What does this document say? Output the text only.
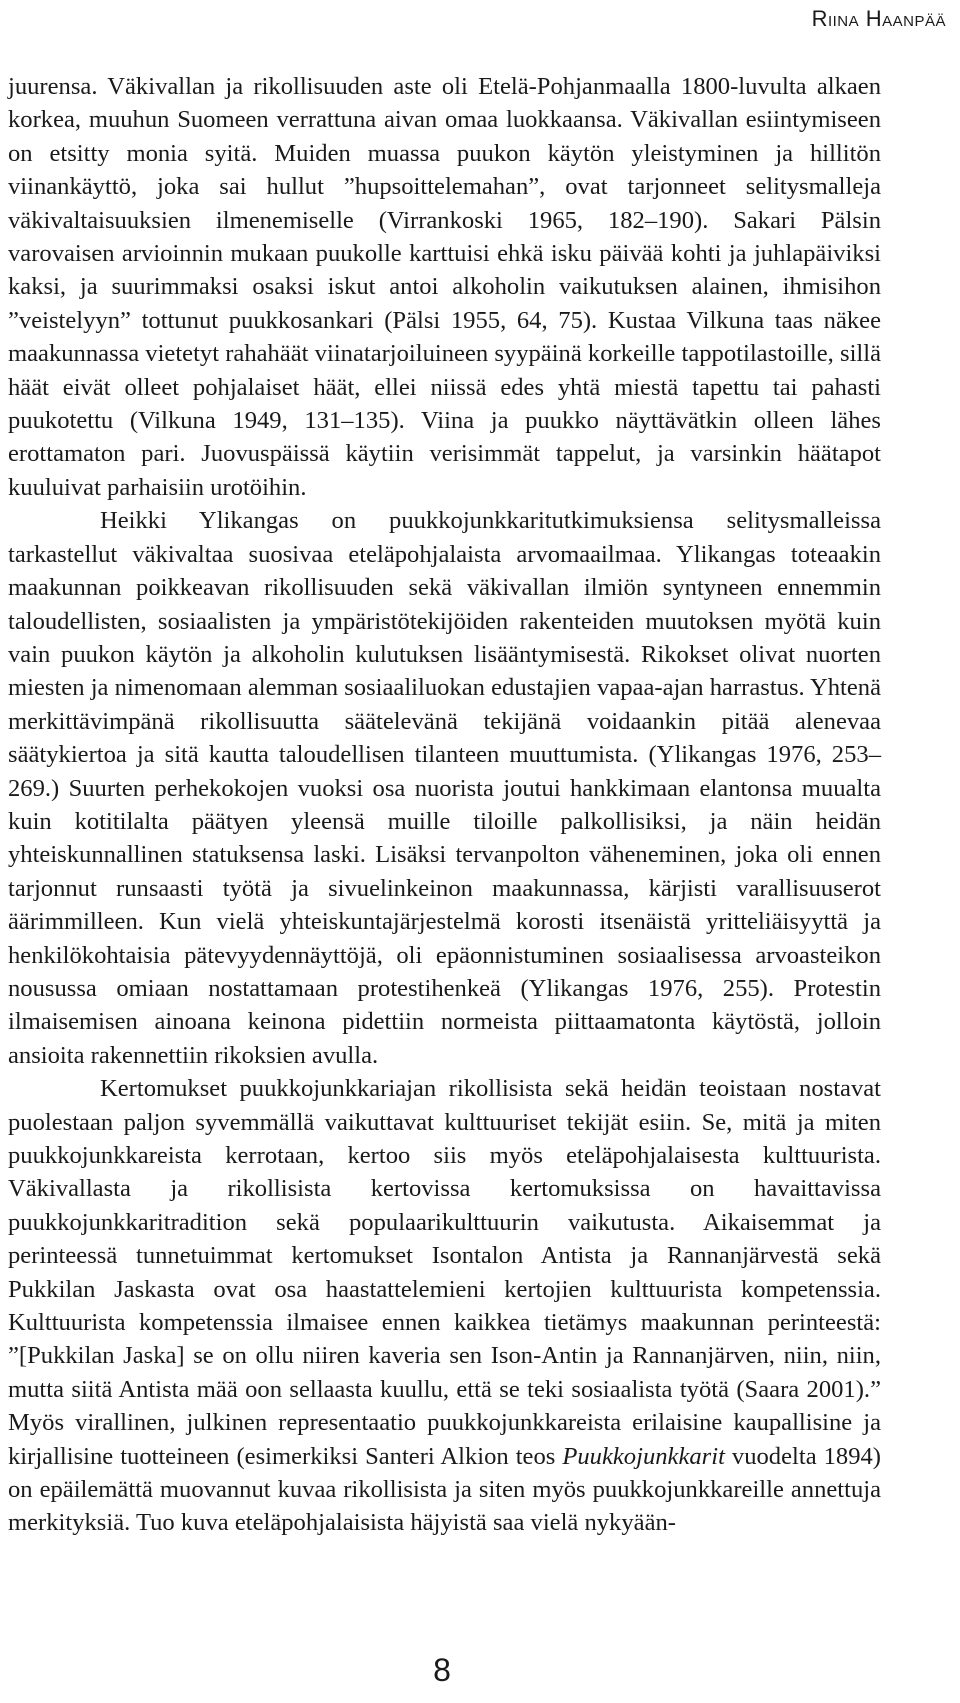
Riina Haanpää

juurensa. Väkivallan ja rikollisuuden aste oli Etelä-Pohjanmaalla 1800-luvulta alkaen korkea, muuhun Suomeen verrattuna aivan omaa luokkaansa. Väkivallan esiintymiseen on etsitty monia syitä. Muiden muassa puukon käytön yleistyminen ja hillitön viinankäyttö, joka sai hullut ”hupsoittelemahan”, ovat tarjonneet selitysmalleja väkivaltaisuuksien ilmenemiselle (Virrankoski 1965, 182–190). Sakari Pälsin varovaisen arvioinnin mukaan puukolle karttuisi ehkä isku päivää kohti ja juhlapäiviksi kaksi, ja suurimmaksi osaksi iskut antoi alkoholin vaikutuksen alainen, ihmisihon ”veistelyyn” tottunut puukkosankari (Pälsi 1955, 64, 75). Kustaa Vilkuna taas näkee maakunnassa vietetyt rahahäät viinatarjoiluineen syypäinä korkeille tappotilastoille, sillä häät eivät olleet pohjalaiset häät, ellei niissä edes yhtä miestä tapettu tai pahasti puukotettu (Vilkuna 1949, 131–135). Viina ja puukko näyttävätkin olleen lähes erottamaton pari. Juovuspäissä käytiin verisimmät tappelut, ja varsinkin häätapot kuuluivat parhaisiin urotöihin.

Heikki Ylikangas on puukkojunkkaritutkimuksiensa selitysmalleissa tarkastellut väkivaltaa suosivaa eteläpohjalaista arvomaailmaa. Ylikangas toteaakin maakunnan poikkeavan rikollisuuden sekä väkivallan ilmiön syntyneen ennemmin taloudellisten, sosiaalisten ja ympäristötekijöiden rakenteiden muutoksen myötä kuin vain puukon käytön ja alkoholin kulutuksen lisääntymisestä. Rikokset olivat nuorten miesten ja nimenomaan alemman sosiaaliluokan edustajien vapaa-ajan harrastus. Yhtenä merkittävimpänä rikollisuutta säätelevänä tekijänä voidaankin pitää alenevaa säätykiertoa ja sitä kautta taloudellisen tilanteen muuttumista. (Ylikangas 1976, 253–269.) Suurten perhekokojen vuoksi osa nuorista joutui hankkimaan elantonsa muualta kuin kotitilalta päätyen yleensä muille tiloille palkollisiksi, ja näin heidän yhteiskunnallinen statuksensa laski. Lisäksi tervanpolton väheneminen, joka oli ennen tarjonnut runsaasti työtä ja sivuelinkeinon maakunnassa, kärjisti varallisuuserot äärimmilleen. Kun vielä yhteiskuntajärjestelmä korosti itsenäistä yritteliäisyyttä ja henkilökohtaisia pätevyydennäyttöjä, oli epäonnistuminen sosiaalisessa arvoasteikon nousussa omiaan nostattamaan protestihenkeä (Ylikangas 1976, 255). Protestin ilmaisemisen ainoana keinona pidettiin normeista piittaamatonta käytöstä, jolloin ansioita rakennettiin rikoksien avulla.

Kertomukset puukkojunkkariajan rikollisista sekä heidän teoistaan nostavat puolestaan paljon syvemmällä vaikuttavat kulttuuriset tekijät esiin. Se, mitä ja miten puukkojunkkareista kerrotaan, kertoo siis myös eteläpohjalaisesta kulttuurista. Väkivallasta ja rikollisista kertovissa kertomuksissa on havaittavissa puukkojunkkaritradition sekä populaarikulttuurin vaikutusta. Aikaisemmat ja perinteessä tunnetuimmat kertomukset Isontalon Antista ja Rannanjärvestä sekä Pukkilan Jaskasta ovat osa haastattelemieni kertojien kulttuurista kompetenssia. Kulttuurista kompetenssia ilmaisee ennen kaikkea tietämys maakunnan perinteestä: ”[Pukkilan Jaska] se on ollu niiren kaveria sen Ison-Antin ja Rannanjärven, niin, niin, mutta siitä Antista mää oon sellaasta kuullu, että se teki sosiaalista työtä (Saara 2001).” Myös virallinen, julkinen representaatio puukkojunkkareista erilaisine kaupallisine ja kirjallisine tuotteineen (esimerkiksi Santeri Alkion teos Puukkojunkkarit vuodelta 1894) on epäilemättä muovannut kuvaa rikollisista ja siten myös puukkojunkkareille annettuja merkityksiä. Tuo kuva eteläpohjalaisista häjyistä saa vielä nykyään-

8
